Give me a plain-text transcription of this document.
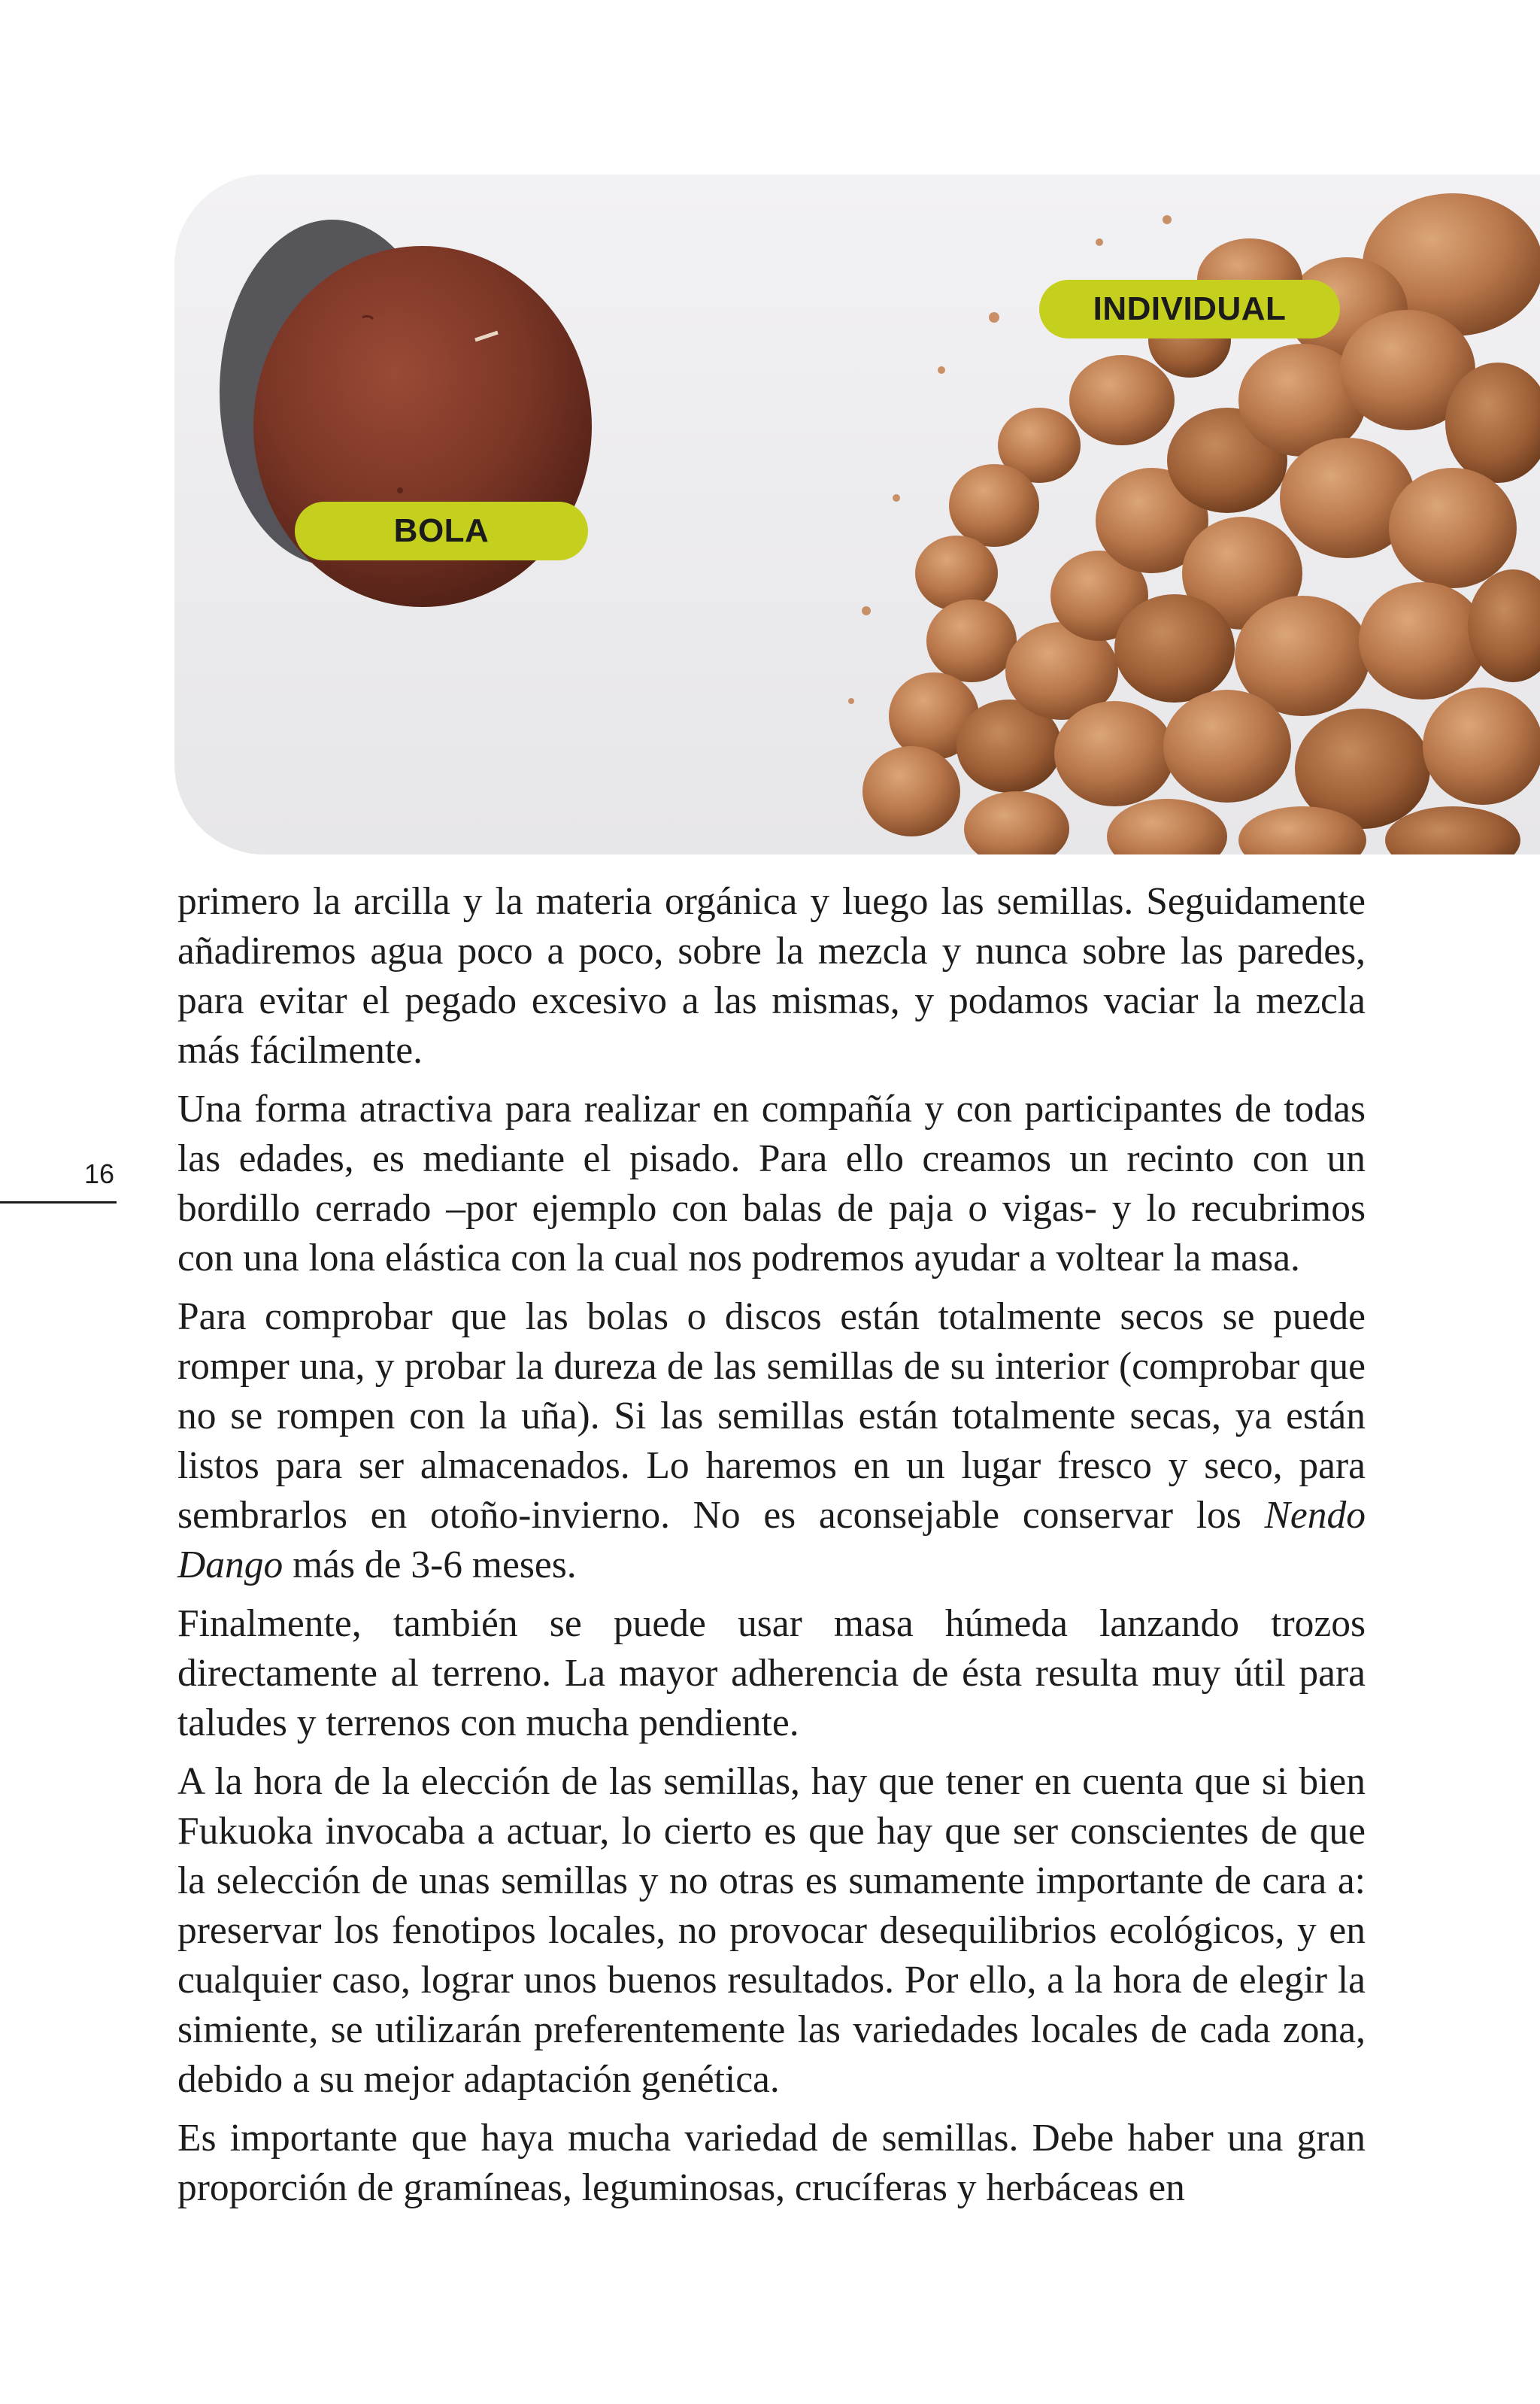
BOLA
INDIVIDUAL
16

primero la arcilla y la materia orgánica y luego las semillas. Seguidamente añadiremos agua poco a poco, sobre la mezcla y nunca sobre las paredes, para evitar el pegado excesivo a las mismas, y podamos vaciar la mezcla más fácilmente.

Una forma atractiva para realizar en compañía y con participantes de todas las edades, es mediante el pisado. Para ello creamos un recinto con un bordillo cerrado –por ejemplo con balas de paja o vigas- y lo recubrimos con una lona elástica con la cual nos podremos ayudar a voltear la masa.

Para comprobar que las bolas o discos están totalmente secos se puede romper una, y probar la dureza de las semillas de su interior (comprobar que no se rompen con la uña). Si las semillas están totalmente secas, ya están listos para ser almacenados. Lo haremos en un lugar fresco y seco, para sembrarlos en otoño-invierno. No es aconsejable conservar los Nendo Dango más de 3-6 meses.

Finalmente, también se puede usar masa húmeda lanzando trozos directamente al terreno. La mayor adherencia de ésta resulta muy útil para taludes y terrenos con mucha pendiente.

A la hora de la elección de las semillas, hay que tener en cuenta que si bien Fukuoka invocaba a actuar, lo cierto es que hay que ser conscientes de que la selección de unas semillas y no otras es sumamente importante de cara a: preservar los fenotipos locales, no provocar desequilibrios ecológicos, y en cualquier caso, lograr unos buenos resultados. Por ello, a la hora de elegir la simiente, se utilizarán preferentemente las variedades locales de cada zona, debido a su mejor adaptación genética.

Es importante que haya mucha variedad de semillas. Debe haber una gran proporción de gramíneas, leguminosas, crucíferas y herbáceas en
